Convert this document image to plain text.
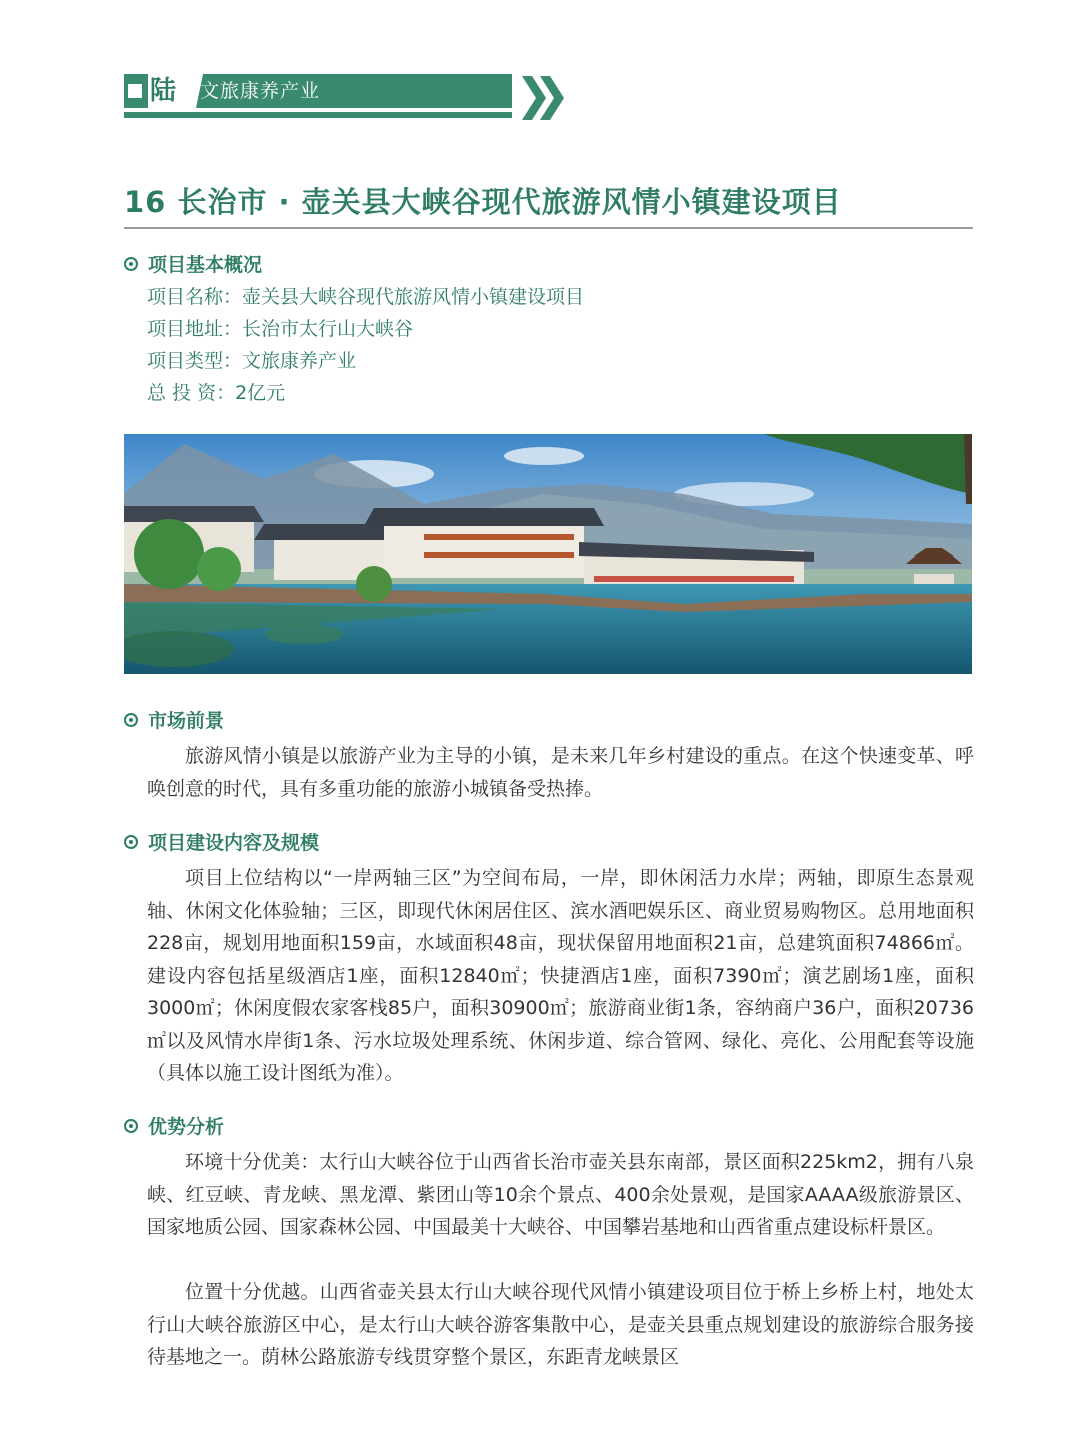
陆 文旅康养产业
16 长治市 · 壶关县大峡谷现代旅游风情小镇建设项目
项目基本概况
项目名称：壶关县大峡谷现代旅游风情小镇建设项目
项目地址：长治市太行山大峡谷
项目类型：文旅康养产业
总 投 资：2亿元
市场前景

旅游风情小镇是以旅游产业为主导的小镇，是未来几年乡村建设的重点。在这个快速变革、呼唤创意的时代，具有多重功能的旅游小城镇备受热捧。

项目建设内容及规模

项目上位结构以“一岸两轴三区”为空间布局，一岸，即休闲活力水岸；两轴，即原生态景观轴、休闲文化体验轴；三区，即现代休闲居住区、滨水酒吧娱乐区、商业贸易购物区。总用地面积228亩，规划用地面积159亩，水域面积48亩，现状保留用地面积21亩，总建筑面积74866㎡。建设内容包括星级酒店1座，面积12840㎡；快捷酒店1座，面积7390㎡；演艺剧场1座，面积3000㎡；休闲度假农家客栈85户，面积30900㎡；旅游商业街1条，容纳商户36户，面积20736㎡以及风情水岸街1条、污水垃圾处理系统、休闲步道、综合管网、绿化、亮化、公用配套等设施（具体以施工设计图纸为准）。

优势分析

环境十分优美：太行山大峡谷位于山西省长治市壶关县东南部，景区面积225km2，拥有八泉峡、红豆峡、青龙峡、黑龙潭、紫团山等10余个景点、400余处景观，是国家AAAA级旅游景区、国家地质公园、国家森林公园、中国最美十大峡谷、中国攀岩基地和山西省重点建设标杆景区。

位置十分优越。山西省壶关县太行山大峡谷现代风情小镇建设项目位于桥上乡桥上村，地处太行山大峡谷旅游区中心，是太行山大峡谷游客集散中心，是壶关县重点规划建设的旅游综合服务接待基地之一。荫林公路旅游专线贯穿整个景区，东距青龙峡景区
